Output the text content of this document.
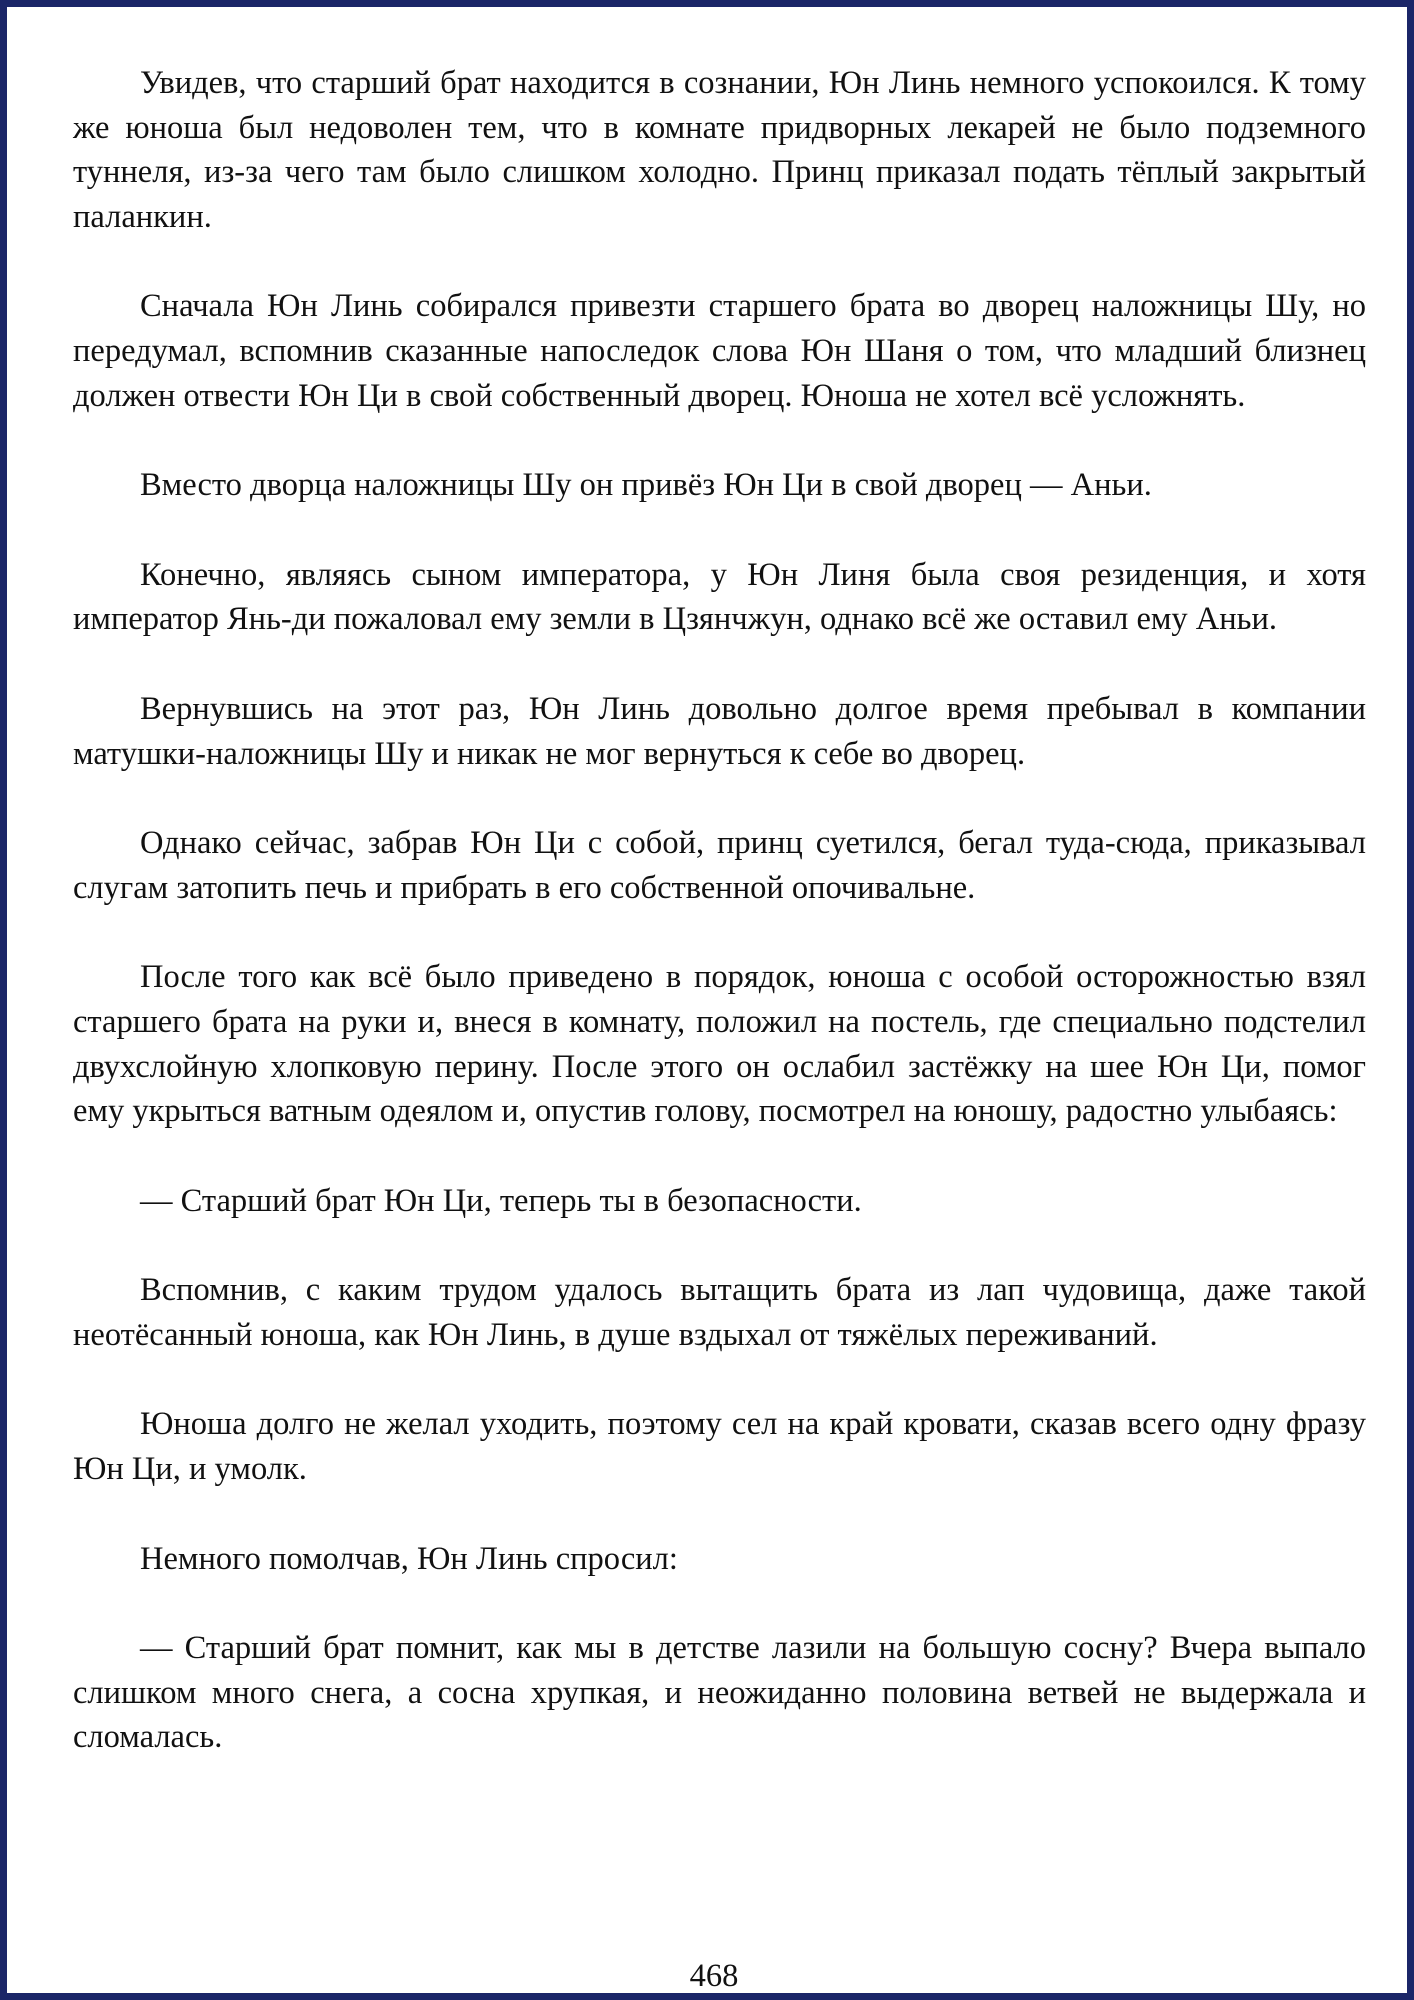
Увидев, что старший брат находится в сознании, Юн Линь немного успокоился. К тому же юноша был недоволен тем, что в комнате придворных лекарей не было подземного туннеля, из-за чего там было слишком холодно. Принц приказал подать тёплый закрытый паланкин.

Сначала Юн Линь собирался привезти старшего брата во дворец наложницы Шу, но передумал, вспомнив сказанные напоследок слова Юн Шаня о том, что младший близнец должен отвести Юн Ци в свой собственный дворец. Юноша не хотел всё усложнять.

Вместо дворца наложницы Шу он привёз Юн Ци в свой дворец — Аньи.

Конечно, являясь сыном императора, у Юн Линя была своя резиденция, и хотя император Янь-ди пожаловал ему земли в Цзянчжун, однако всё же оставил ему Аньи.

Вернувшись на этот раз, Юн Линь довольно долгое время пребывал в компании матушки-наложницы Шу и никак не мог вернуться к себе во дворец.

Однако сейчас, забрав Юн Ци с собой, принц суетился, бегал туда-сюда, приказывал слугам затопить печь и прибрать в его собственной опочивальне.

После того как всё было приведено в порядок, юноша с особой осторожностью взял старшего брата на руки и, внеся в комнату, положил на постель, где специально подстелил двухслойную хлопковую перину. После этого он ослабил застёжку на шее Юн Ци, помог ему укрыться ватным одеялом и, опустив голову, посмотрел на юношу, радостно улыбаясь:

— Старший брат Юн Ци, теперь ты в безопасности.

Вспомнив, с каким трудом удалось вытащить брата из лап чудовища, даже такой неотёсанный юноша, как Юн Линь, в душе вздыхал от тяжёлых переживаний.

Юноша долго не желал уходить, поэтому сел на край кровати, сказав всего одну фразу Юн Ци, и умолк.

Немного помолчав, Юн Линь спросил:

— Старший брат помнит, как мы в детстве лазили на большую сосну? Вчера выпало слишком много снега, а сосна хрупкая, и неожиданно половина ветвей не выдержала и сломалась.

468
